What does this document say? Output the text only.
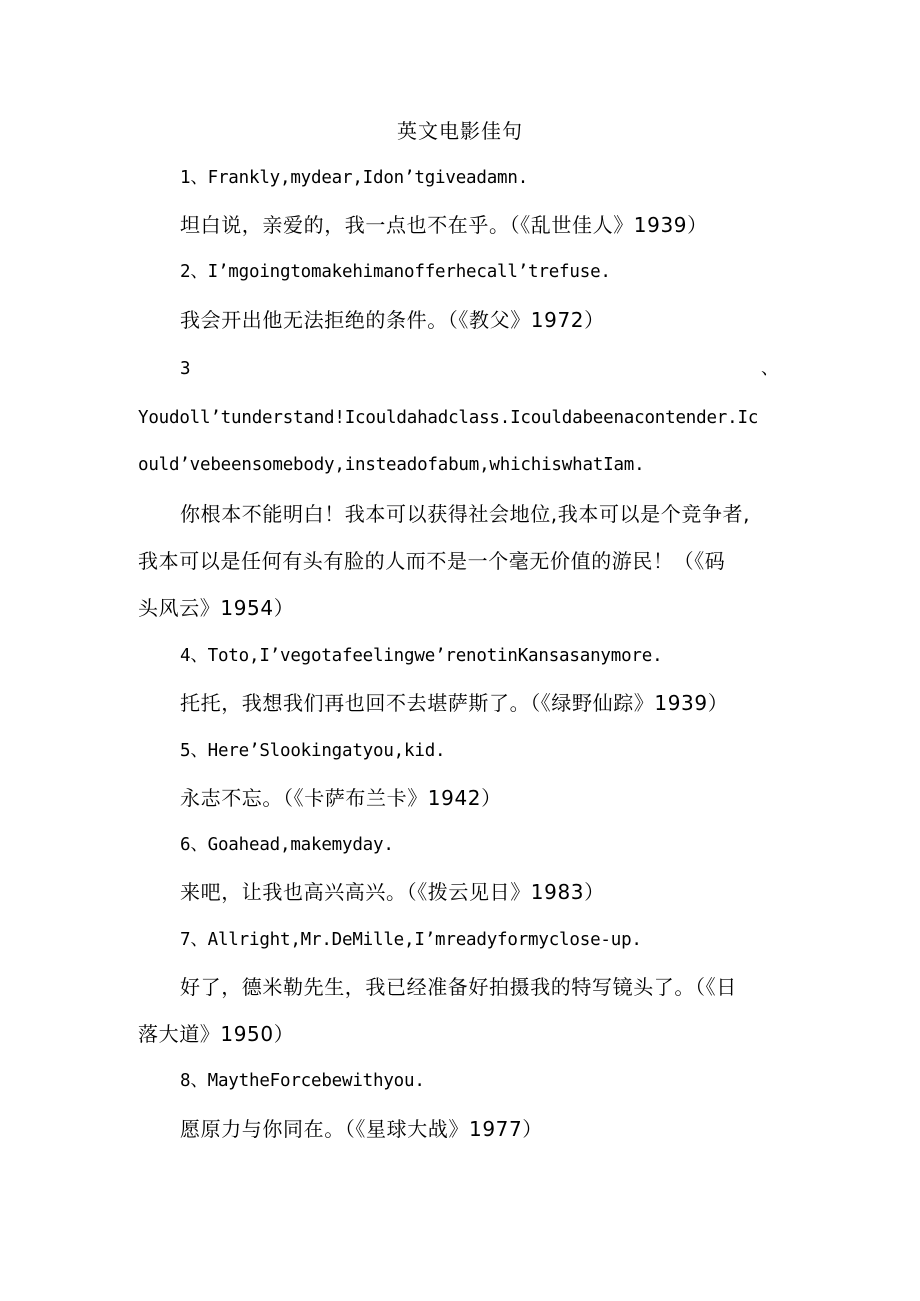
英文电影佳句
1、Frankly,mydear,Idon’tgiveadamn.
坦白说，亲爱的，我一点也不在乎。（《乱世佳人》1939）
2、I’mgoingtomakehimanofferhecall’trefuse.
我会开出他无法拒绝的条件。（《教父》1972）
3	、
Youdoll’tunderstand!Icouldahadclass.Icouldabeenacontender.Ic
ould’vebeensomebody,insteadofabum,whichiswhatIam.
你根本不能明白！我本可以获得社会地位,我本可以是个竞争者,
我本可以是任何有头有脸的人而不是一个毫无价值的游民！（《码
头风云》1954）
4、Toto,I’vegotafeelingwe’renotinKansasanymore.
托托，我想我们再也回不去堪萨斯了。（《绿野仙踪》1939）
5、Here’Slookingatyou,kid.
永志不忘。（《卡萨布兰卡》1942）
6、Goahead,makemyday.
来吧，让我也高兴高兴。（《拨云见日》1983）
7、Allright,Mr.DeMille,I’mreadyformyclose-up.
好了，德米勒先生，我已经准备好拍摄我的特写镜头了。（《日
落大道》1950）
8、MaytheForcebewithyou.
愿原力与你同在。（《星球大战》1977）
